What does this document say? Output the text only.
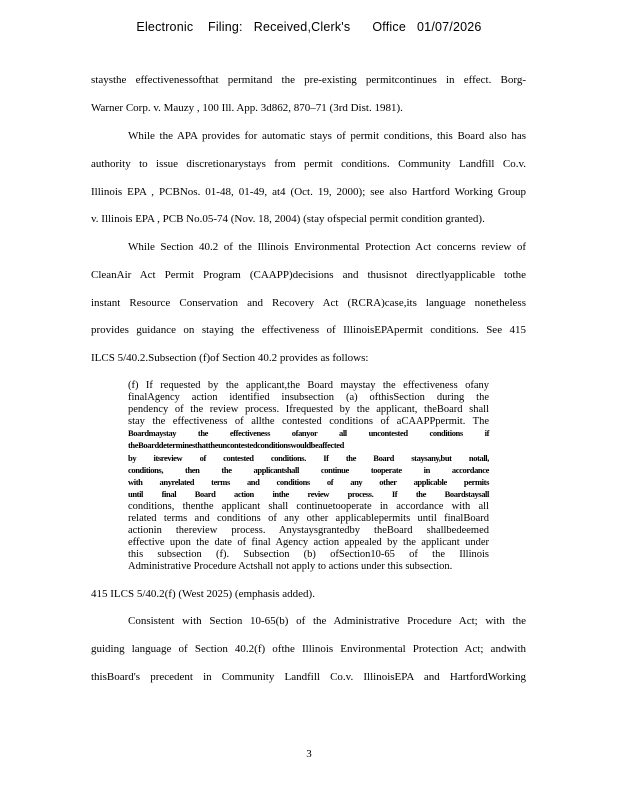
Electronic    Filing:   Received,Clerk's      Office   01/07/2026
staysthe effectivenessofthat permitand the pre-existing permitcontinues in effect. Borg-
Warner Corp. v. Mauzy , 100 Ill. App. 3d862, 870–71 (3rd Dist. 1981).
While the APA provides for automatic stays of permit conditions, this Board also has
authority to issue discretionarystays from permit conditions. Community Landfill Co.v.
Illinois EPA , PCBNos. 01-48, 01-49, at4 (Oct. 19, 2000); see also Hartford Working Group
v. Illinois EPA , PCB No.05-74 (Nov. 18, 2004) (stay ofspecial permit condition granted).
While Section 40.2 of the Illinois Environmental Protection Act concerns review of
CleanAir Act Permit Program (CAAPP)decisions and thusisnot directlyapplicable tothe
instant Resource Conservation and Recovery Act (RCRA)case,its language nonetheless
provides guidance on staying the effectiveness of IllinoisEPApermit conditions. See 415
ILCS 5/40.2.Subsection (f)of Section 40.2 provides as follows:
(f) If requested by the applicant,the Board maystay the effectiveness ofany
finalAgency action identified insubsection (a) ofthisSection during the
pendency of the review process. Ifrequested by the applicant, theBoard shall
stay the effectiveness of allthe contested conditions of aCAAPPpermit. The
Boardmaystay the effectiveness ofanyor all uncontested conditions if
theBoarddeterminesthattheuncontestedconditionswouldbeaffected
by itsreview of contested conditions. If the Board staysany,but notall,
conditions, then the applicantshall continue tooperate in accordance
with anyrelated terms and conditions of any other applicable permits
until final Board action inthe review process. If the Boardstaysall
conditions, thenthe applicant shall continuetooperate in accordance with all
related terms and conditions of any other applicablepermits until finalBoard
actionin thereview process. Anystaysgrantedby theBoard shallbedeemed
effective upon the date of final Agency action appealed by the applicant under
this subsection (f). Subsection (b) ofSection10-65 of the Illinois
Administrative Procedure Actshall not apply to actions under this subsection.
415 ILCS 5/40.2(f) (West 2025) (emphasis added).
Consistent with Section 10-65(b) of the Administrative Procedure Act; with the
guiding language of Section 40.2(f) ofthe Illinois Environmental Protection Act; andwith
thisBoard's precedent in Community Landfill Co.v. IllinoisEPA and HartfordWorking
3
